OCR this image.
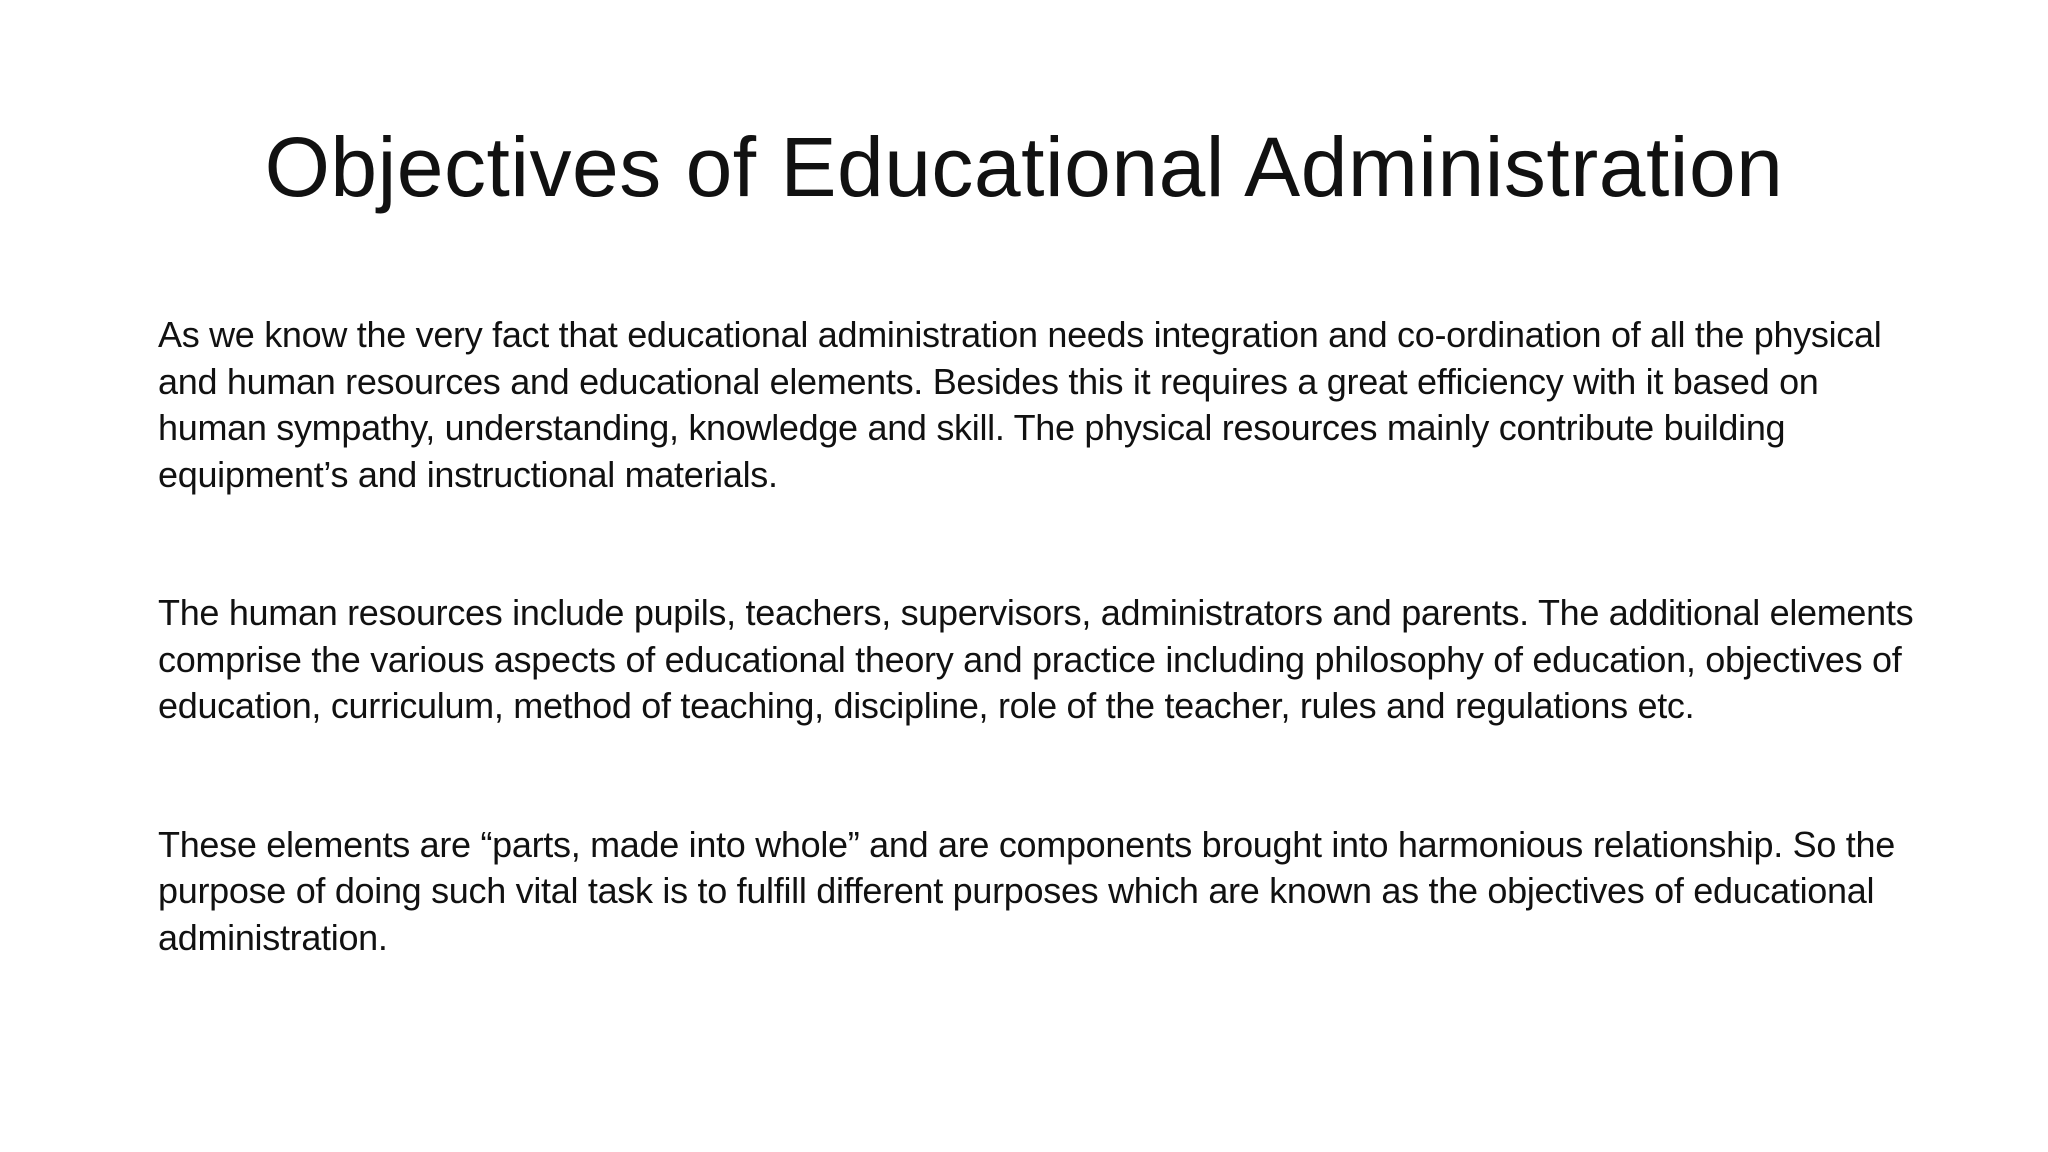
Objectives of Educational Administration

As we know the very fact that educational administration needs integration and co-ordination of all the physical and human resources and educational elements. Besides this it requires a great efficiency with it based on human sympathy, understanding, knowledge and skill. The physical resources mainly contribute building equipment’s and instructional materials.

The human resources include pupils, teachers, supervisors, administrators and parents. The additional elements comprise the various aspects of educational theory and practice including philosophy of education, objectives of education, curriculum, method of teaching, discipline, role of the teacher, rules and regulations etc.

These elements are “parts, made into whole” and are components brought into harmonious relationship. So the purpose of doing such vital task is to fulfill different purposes which are known as the objectives of educational administration.
